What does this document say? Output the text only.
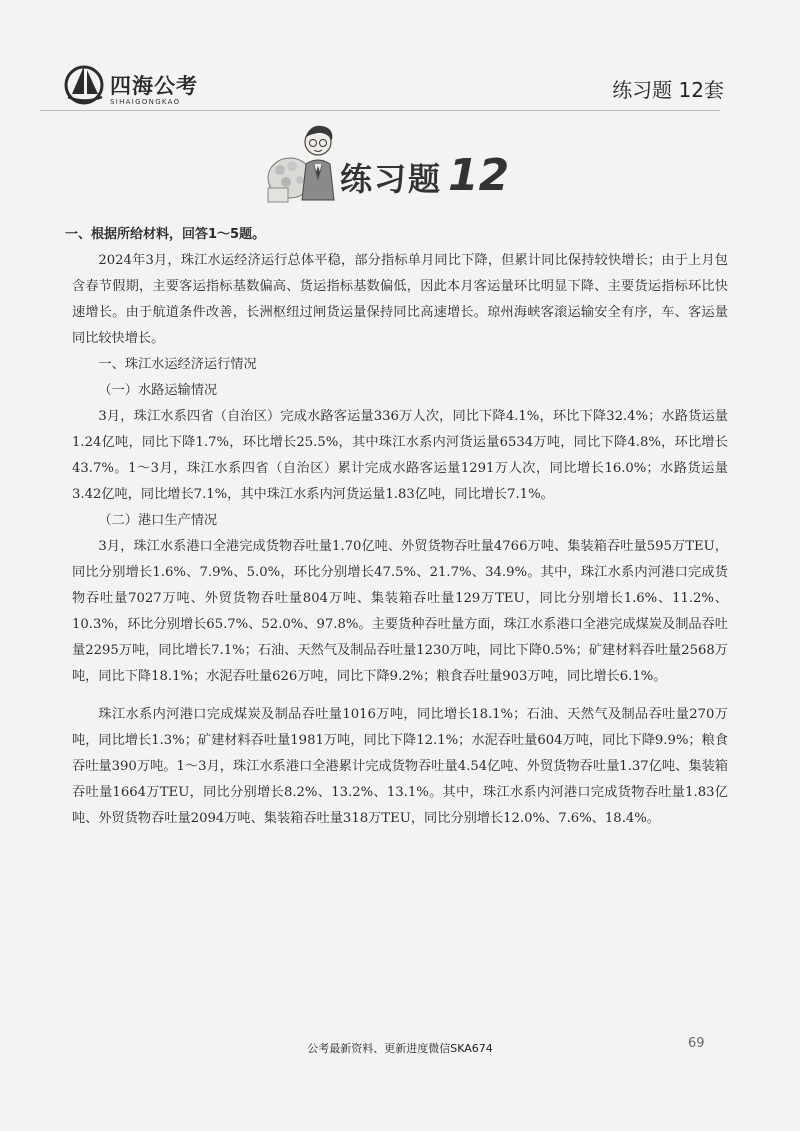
四海公考
SIHAIGONGKAO	练习题 12套
练习题 12

一、根据所给材料，回答1～5题。

2024年3月，珠江水运经济运行总体平稳，部分指标单月同比下降，但累计同比保持较快增长；由于上月包含春节假期，主要客运指标基数偏高、货运指标基数偏低，因此本月客运量环比明显下降、主要货运指标环比快速增长。由于航道条件改善，长洲枢纽过闸货运量保持同比高速增长。琼州海峡客滚运输安全有序，车、客运量同比较快增长。

一、珠江水运经济运行情况

（一）水路运输情况

3月，珠江水系四省（自治区）完成水路客运量336万人次，同比下降4.1%，环比下降32.4%；水路货运量1.24亿吨，同比下降1.7%，环比增长25.5%，其中珠江水系内河货运量6534万吨，同比下降4.8%，环比增长43.7%。1～3月，珠江水系四省（自治区）累计完成水路客运量1291万人次，同比增长16.0%；水路货运量3.42亿吨，同比增长7.1%，其中珠江水系内河货运量1.83亿吨，同比增长7.1%。

（二）港口生产情况

3月，珠江水系港口全港完成货物吞吐量1.70亿吨、外贸货物吞吐量4766万吨、集装箱吞吐量595万TEU，同比分别增长1.6%、7.9%、5.0%，环比分别增长47.5%、21.7%、34.9%。其中，珠江水系内河港口完成货物吞吐量7027万吨、外贸货物吞吐量804万吨、集装箱吞吐量129万TEU，同比分别增长1.6%、11.2%、10.3%，环比分别增长65.7%、52.0%、97.8%。主要货种吞吐量方面，珠江水系港口全港完成煤炭及制品吞吐量2295万吨，同比增长7.1%；石油、天然气及制品吞吐量1230万吨，同比下降0.5%；矿建材料吞吐量2568万吨，同比下降18.1%；水泥吞吐量626万吨，同比下降9.2%；粮食吞吐量903万吨，同比增长6.1%。

珠江水系内河港口完成煤炭及制品吞吐量1016万吨，同比增长18.1%；石油、天然气及制品吞吐量270万吨，同比增长1.3%；矿建材料吞吐量1981万吨，同比下降12.1%；水泥吞吐量604万吨，同比下降9.9%；粮食吞吐量390万吨。1～3月，珠江水系港口全港累计完成货物吞吐量4.54亿吨、外贸货物吞吐量1.37亿吨、集装箱吞吐量1664万TEU，同比分别增长8.2%、13.2%、13.1%。其中，珠江水系内河港口完成货物吞吐量1.83亿吨、外贸货物吞吐量2094万吨、集装箱吞吐量318万TEU，同比分别增长12.0%、7.6%、18.4%。

公考最新资料、更新进度微信SKA674	69
